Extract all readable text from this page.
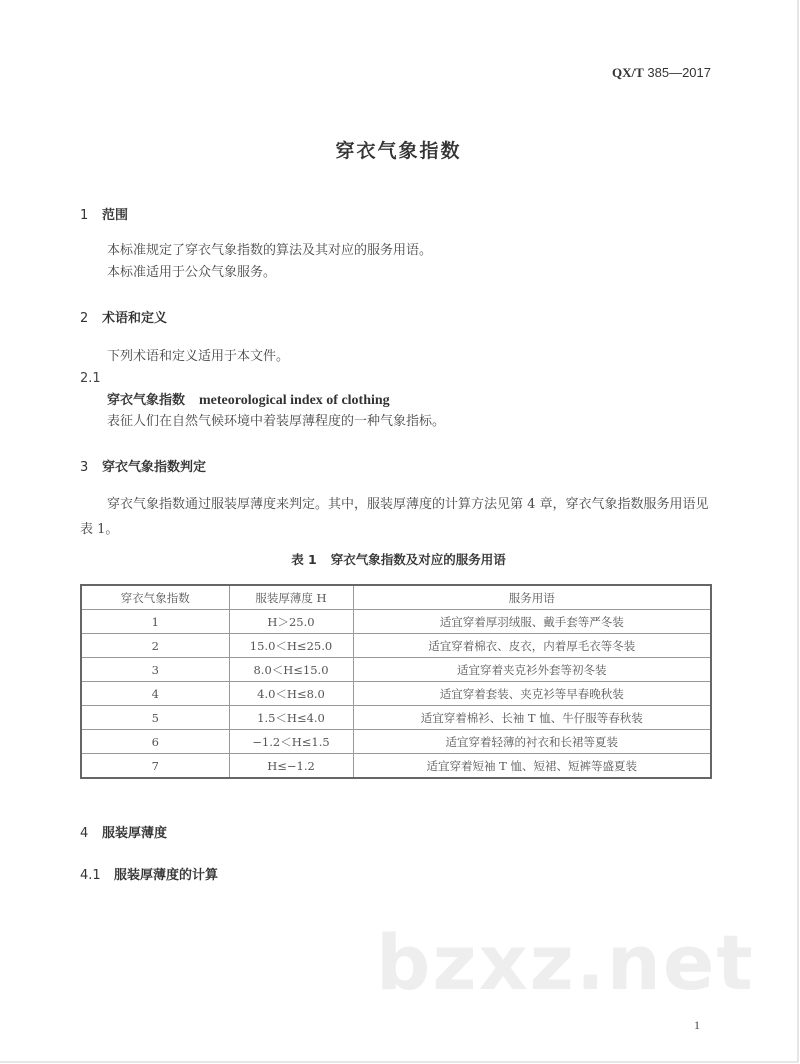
QX/T 385—2017
穿衣气象指数
1 范围
本标准规定了穿衣气象指数的算法及其对应的服务用语。
本标准适用于公众气象服务。
2 术语和定义
下列术语和定义适用于本文件。
2.1
穿衣气象指数 meteorological index of clothing
表征人们在自然气候环境中着装厚薄程度的一种气象指标。
3 穿衣气象指数判定
穿衣气象指数通过服装厚薄度来判定。其中，服装厚薄度的计算方法见第 4 章，穿衣气象指数服务用语见表 1。
表 1 穿衣气象指数及对应的服务用语
穿衣气象指数	服装厚薄度 H	服务用语
1	H＞25.0	适宜穿着厚羽绒服、戴手套等严冬装
2	15.0＜H≤25.0	适宜穿着棉衣、皮衣，内着厚毛衣等冬装
3	8.0＜H≤15.0	适宜穿着夹克衫外套等初冬装
4	4.0＜H≤8.0	适宜穿着套装、夹克衫等早春晚秋装
5	1.5＜H≤4.0	适宜穿着棉衫、长袖 T 恤、牛仔服等春秋装
6	−1.2＜H≤1.5	适宜穿着轻薄的衬衣和长裙等夏装
7	H≤−1.2	适宜穿着短袖 T 恤、短裙、短裤等盛夏装
4 服装厚薄度
4.1 服装厚薄度的计算
bzxz.net
1
